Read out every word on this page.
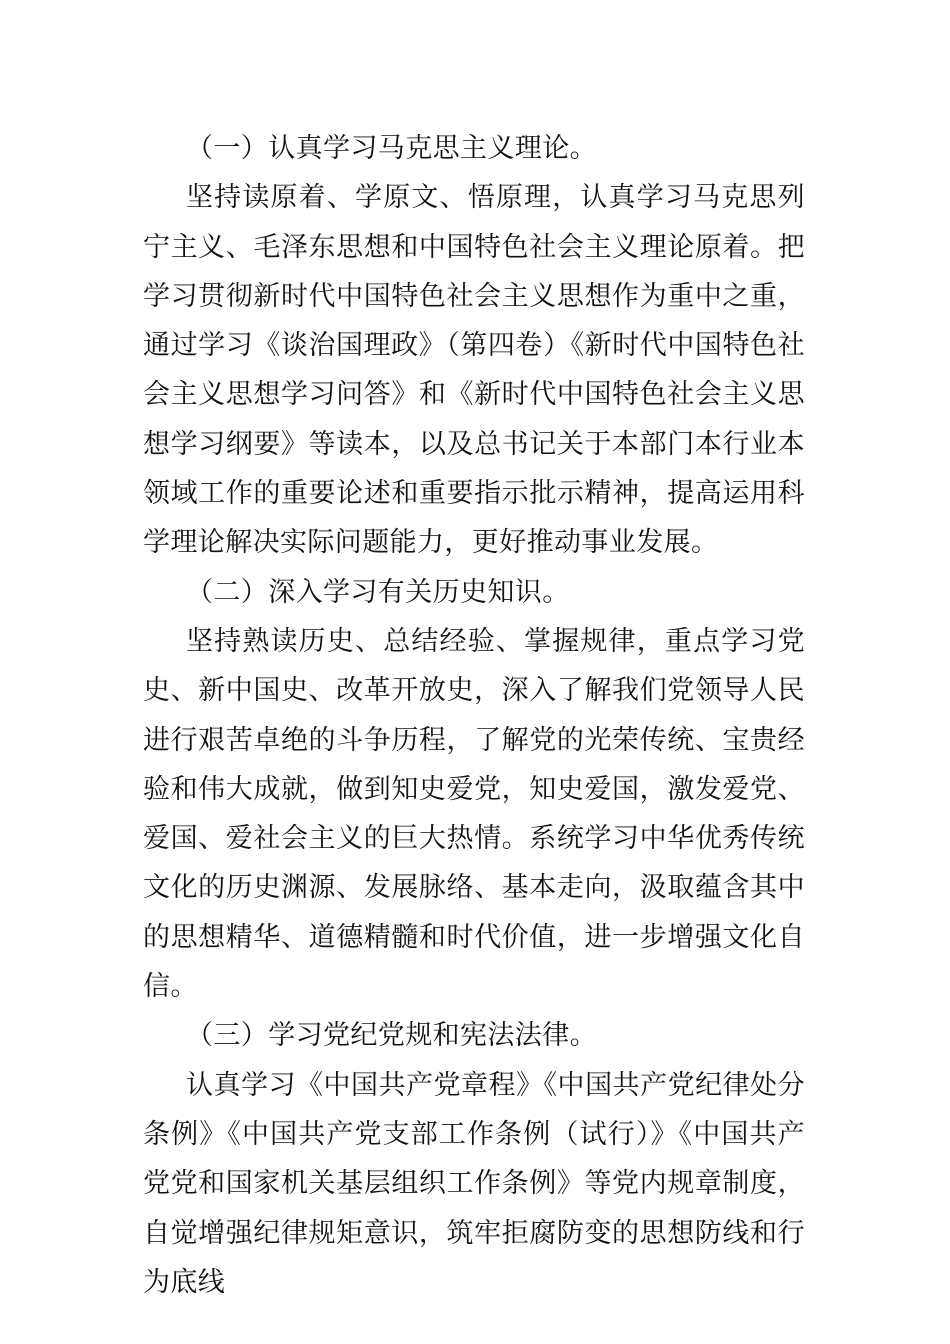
（一）认真学习马克思主义理论。

坚持读原着、学原文、悟原理，认真学习马克思列宁主义、毛泽东思想和中国特色社会主义理论原着。把学习贯彻新时代中国特色社会主义思想作为重中之重，通过学习《谈治国理政》（第四卷）《新时代中国特色社会主义思想学习问答》和《新时代中国特色社会主义思想学习纲要》等读本，以及总书记关于本部门本行业本领域工作的重要论述和重要指示批示精神，提高运用科学理论解决实际问题能力，更好推动事业发展。

（二）深入学习有关历史知识。

坚持熟读历史、总结经验、掌握规律，重点学习党史、新中国史、改革开放史，深入了解我们党领导人民进行艰苦卓绝的斗争历程，了解党的光荣传统、宝贵经验和伟大成就，做到知史爱党，知史爱国，激发爱党、爱国、爱社会主义的巨大热情。系统学习中华优秀传统文化的历史渊源、发展脉络、基本走向，汲取蕴含其中的思想精华、道德精髓和时代价值，进一步增强文化自信。

（三）学习党纪党规和宪法法律。

认真学习《中国共产党章程》《中国共产党纪律处分条例》《中国共产党支部工作条例（试行）》《中国共产党党和国家机关基层组织工作条例》等党内规章制度，自觉增强纪律规矩意识，筑牢拒腐防变的思想防线和行为底线
